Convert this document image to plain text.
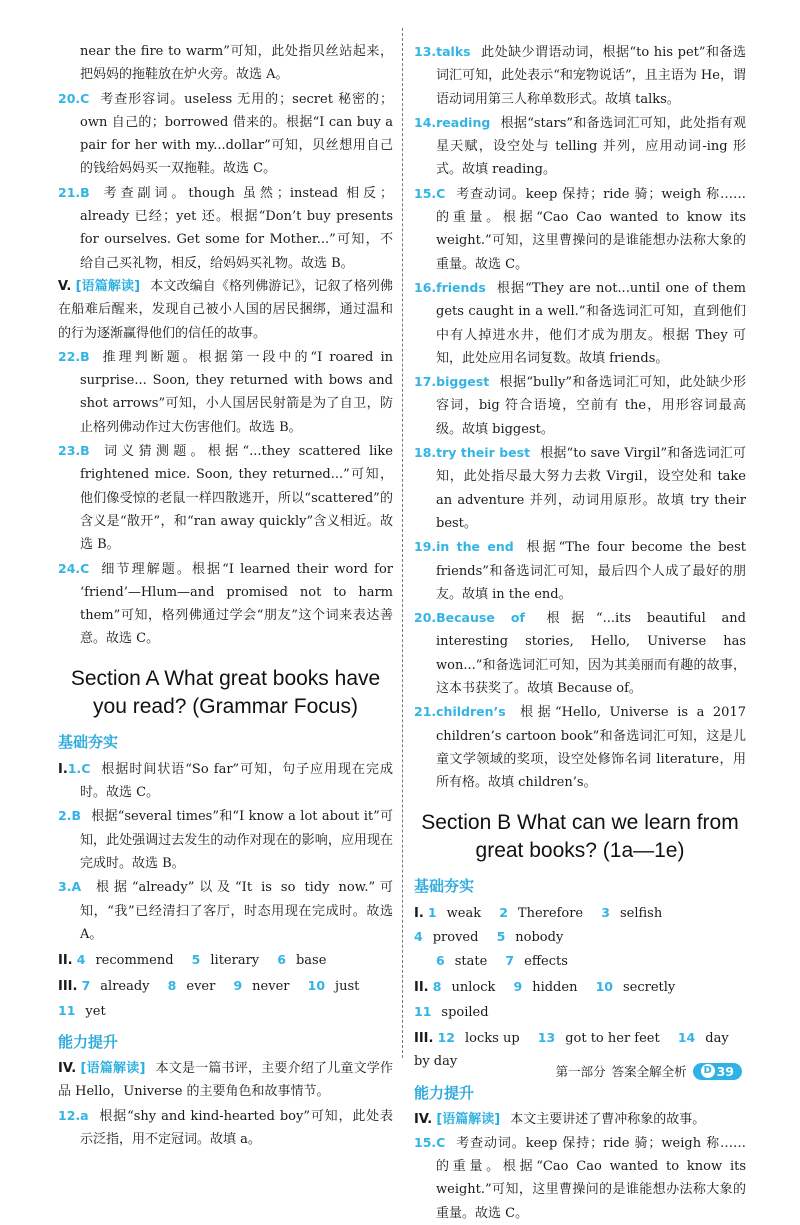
near the fire to warm”可知，此处指贝丝站起来，把妈妈的拖鞋放在炉火旁。故选 A。

20.C 考查形容词。useless 无用的；secret 秘密的；own 自己的；borrowed 借来的。根据“I can buy a pair for her with my...dollar”可知，贝丝想用自己的钱给妈妈买一双拖鞋。故选 C。

21.B 考查副词。though 虽然；instead 相反；already 已经；yet 还。根据“Don’t buy presents for ourselves. Get some for Mother...”可知，不给自己买礼物，相反，给妈妈买礼物。故选 B。

V. [语篇解读] 本文改编自《格列佛游记》，记叙了格列佛在船难后醒来，发现自己被小人国的居民捆绑，通过温和的行为逐渐赢得他们的信任的故事。

22.B 推理判断题。根据第一段中的“I roared in surprise... Soon, they returned with bows and shot arrows”可知，小人国居民射箭是为了自卫，防止格列佛动作过大伤害他们。故选 B。

23.B 词义猜测题。根据“...they scattered like frightened mice. Soon, they returned...”可知，他们像受惊的老鼠一样四散逃开，所以“scattered”的含义是“散开”，和“ran away quickly”含义相近。故选 B。

24.C 细节理解题。根据“I learned their word for ‘friend’—Hlum—and promised not to harm them”可知，格列佛通过学会“朋友”这个词来表达善意。故选 C。

Section A What great books have you read? (Grammar Focus)
基础夯实

I.1.C 根据时间状语“So far”可知，句子应用现在完成时。故选 C。

2.B 根据“several times”和“I know a lot about it”可知，此处强调过去发生的动作对现在的影响，应用现在完成时。故选 B。

3.A 根据“already”以及“It is so tidy now.”可知，“我”已经清扫了客厅，时态用现在完成时。故选 A。

II. 4 recommend 5 literary 6 base
III. 7 already 8 ever 9 never 10 just 11 yet
能力提升

IV. [语篇解读] 本文是一篇书评，主要介绍了儿童文学作品 Hello，Universe 的主要角色和故事情节。

12.a 根据“shy and kind-hearted boy”可知，此处表示泛指，用不定冠词。故填 a。

13.talks 此处缺少谓语动词，根据“to his pet”和备选词汇可知，此处表示“和宠物说话”，且主语为 He，谓语动词用第三人称单数形式。故填 talks。

14.reading 根据“stars”和备选词汇可知，此处指有观星天赋，设空处与 telling 并列，应用动词-ing 形式。故填 reading。

15.C 考查动词。keep 保持；ride 骑；weigh 称……的重量。根据“Cao Cao wanted to know its weight.”可知，这里曹操问的是谁能想办法称大象的重量。故选 C。

16.friends 根据“They are not...until one of them gets caught in a well.”和备选词汇可知，直到他们中有人掉进水井，他们才成为朋友。根据 They 可知，此处应用名词复数。故填 friends。

17.biggest 根据“bully”和备选词汇可知，此处缺少形容词，big 符合语境，空前有 the，用形容词最高级。故填 biggest。

18.try their best 根据“to save Virgil”和备选词汇可知，此处指尽最大努力去救 Virgil，设空处和 take an adventure 并列，动词用原形。故填 try their best。

19.in the end 根据“The four become the best friends”和备选词汇可知，最后四个人成了最好的朋友。故填 in the end。

20.Because of 根据“...its beautiful and interesting stories, Hello, Universe has won...”和备选词汇可知，因为其美丽而有趣的故事，这本书获奖了。故填 Because of。

21.children’s 根据“Hello, Universe is a 2017 children’s cartoon book”和备选词汇可知，这是儿童文学领域的奖项，设空处修饰名词 literature，用所有格。故填 children’s。

Section B What can we learn from great books? (1a—1e)
基础夯实
I. 1 weak 2 Therefore 3 selfish 4 proved 5 nobody
6 state 7 effects
II. 8 unlock 9 hidden 10 secretly 11 spoiled
III. 12 locks up 13 got to her feet 14 day by day
能力提升

IV. [语篇解读] 本文主要讲述了曹冲称象的故事。

15.C 考查动词。keep 保持；ride 骑；weigh 称……的重量。根据“Cao Cao wanted to know its weight.”可知，这里曹操问的是谁能想办法称大象的重量。故选 C。

第一部分 答案全解全析 D 39
